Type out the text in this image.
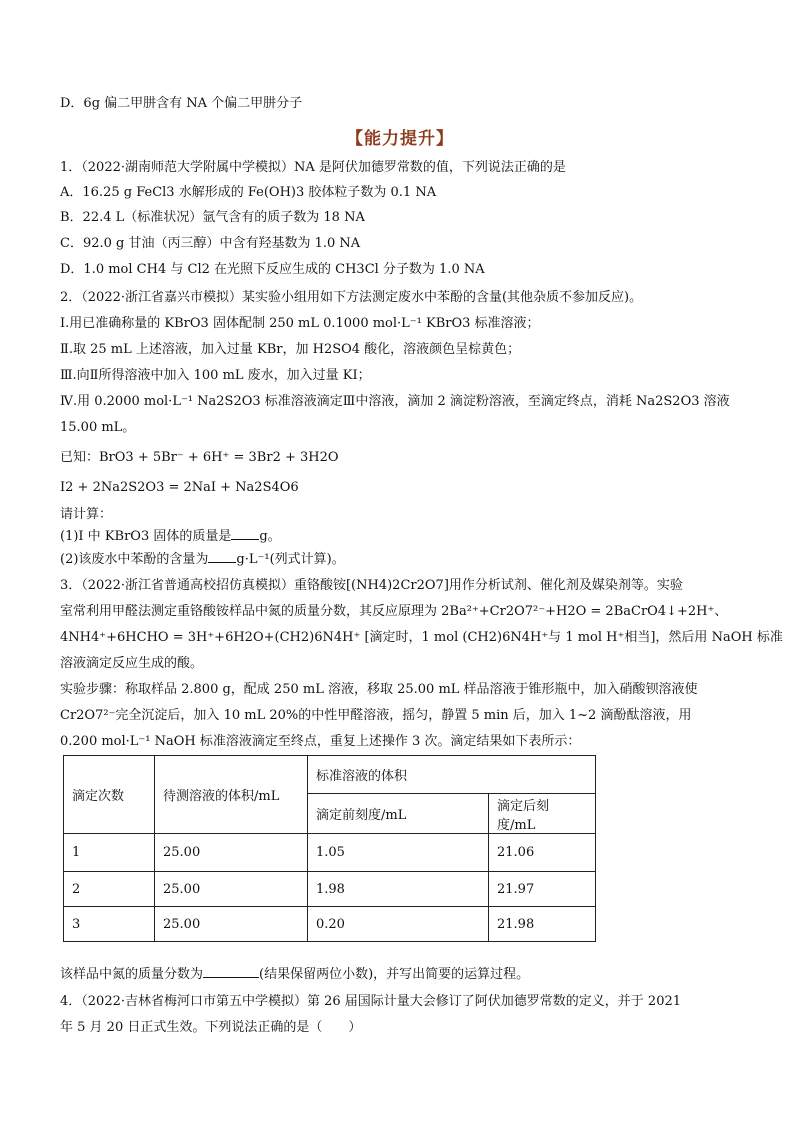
D．6g 偏二甲肼含有 NA 个偏二甲肼分子
【能力提升】
1．（2022·湖南师范大学附属中学模拟）NA 是阿伏加德罗常数的值，下列说法正确的是
A．16.25 g FeCl3 水解形成的 Fe(OH)3 胶体粒子数为 0.1 NA
B．22.4 L（标准状况）氩气含有的质子数为 18 NA
C．92.0 g 甘油（丙三醇）中含有羟基数为 1.0 NA
D．1.0 mol CH4 与 Cl2 在光照下反应生成的 CH3Cl 分子数为 1.0 NA
2．（2022·浙江省嘉兴市模拟）某实验小组用如下方法测定废水中苯酚的含量(其他杂质不参加反应)。
Ⅰ.用已准确称量的 KBrO3 固体配制 250 mL 0.1000 mol·L⁻¹ KBrO3 标准溶液；
Ⅱ.取 25 mL 上述溶液，加入过量 KBr，加 H2SO4 酸化，溶液颜色呈棕黄色；
Ⅲ.向Ⅱ所得溶液中加入 100 mL 废水，加入过量 KI；
Ⅳ.用 0.2000 mol·L⁻¹ Na2S2O3 标准溶液滴定Ⅲ中溶液，滴加 2 滴淀粉溶液，至滴定终点，消耗 Na2S2O3 溶液
15.00 mL。
已知：BrO3 + 5Br⁻ + 6H⁺ = 3Br2 + 3H2O
I2 + 2Na2S2O3 = 2NaI + Na2S4O6
请计算：
(1)Ⅰ 中 KBrO3 固体的质量是 g。
(2)该废水中苯酚的含量为 g·L⁻¹(列式计算)。
3．（2022·浙江省普通高校招仿真模拟）重铬酸铵[(NH4)2Cr2O7]用作分析试剂、催化剂及媒染剂等。实验
室常利用甲醛法测定重铬酸铵样品中氮的质量分数，其反应原理为 2Ba²⁺+Cr2O7²⁻+H2O = 2BaCrO4↓+2H⁺、
4NH4⁺+6HCHO = 3H⁺+6H2O+(CH2)6N4H⁺ [滴定时，1 mol (CH2)6N4H⁺与 1 mol H⁺相当]，然后用 NaOH 标准
溶液滴定反应生成的酸。
实验步骤：称取样品 2.800 g，配成 250 mL 溶液，移取 25.00 mL 样品溶液于锥形瓶中，加入硝酸钡溶液使
Cr2O7²⁻完全沉淀后，加入 10 mL 20%的中性甲醛溶液，摇匀，静置 5 min 后，加入 1~2 滴酚酞溶液，用
0.200 mol·L⁻¹ NaOH 标准溶液滴定至终点，重复上述操作 3 次。滴定结果如下表所示：
滴定次数	待测溶液的体积/mL	标准溶液的体积	
		滴定前刻度/mL	滴定后刻度/mL
1	25.00	1.05	21.06
2	25.00	1.98	21.97
3	25.00	0.20	21.98
该样品中氮的质量分数为	(结果保留两位小数)，并写出简要的运算过程。
4．（2022·吉林省梅河口市第五中学模拟）第 26 届国际计量大会修订了阿伏加德罗常数的定义，并于 2021
年 5 月 20 日正式生效。下列说法正确的是（　　）
